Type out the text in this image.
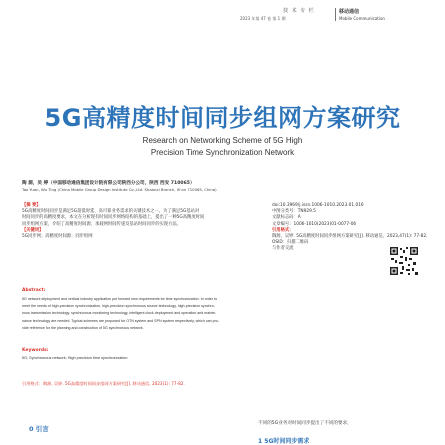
技 术 专 栏
2023 年第 47 卷 第 1 期
移动通信
Mobile Communication
5G高精度时间同步组网方案研究
Research on Networking Scheme of 5G High
Precision Time Synchronization Network
陶 源，吴 婷（中国移动通信集团设计院有限公司陕西分公司，陕西 西安 710065）
Tao Yuan, Wu Ting (China Mobile Group Design Institute Co.,Ltd. Shaanxi Branch, Xi'an 710065, China)
【摘 要】
5G高精度时间同步是满足5G超低时延、高可靠业务需求的关键技术之一。为了满足5G基站对
时间同步的高精度要求，本文在分析现有时间同步网络结构的基础上，提出了一种5G高精度时间
同步组网方案，介绍了高精度时间源、承载网时间传递及基站时间同步的实现方法。
【关键词】
5G同步网；高精度时间源；同步组网
doi:10.3969/j.issn.1006-1010.2023.01.016
中图分类号：TN929.5
文献标志码：A
文章编号：1006-1010(2023)01-0077-06
引用格式：
陶源，吴婷. 5G高精度时间同步组网方案研究[J]. 移动通信，2023,47(1): 77-82.
OSID：扫描二维码
与作者交流
Abstract:
5G network deployment and vertical industry application put forward new requirements for time synchronization. In order to
meet the needs of high-precision synchronization, high-precision synchronous source technology, high-precision synchro-
nous transmission technology, synchronous monitoring technology, intelligent clock deployment and operation and mainte-
nance technology are needed. Typical schemes are proposed for OTN system and SPN system respectively, which can pro-
vide reference for the planning and construction of 5G synchronous network.
Keywords:
5G; Synchronous network; High precision time synchronization
引用格式：陶源, 吴婷. 5G高精度时间同步组网方案研究[J]. 移动通信, 2023(1): 77-82.
0 引言
不同的5G业务对时间同步提出了不同的要求，
1 5G时间同步需求
